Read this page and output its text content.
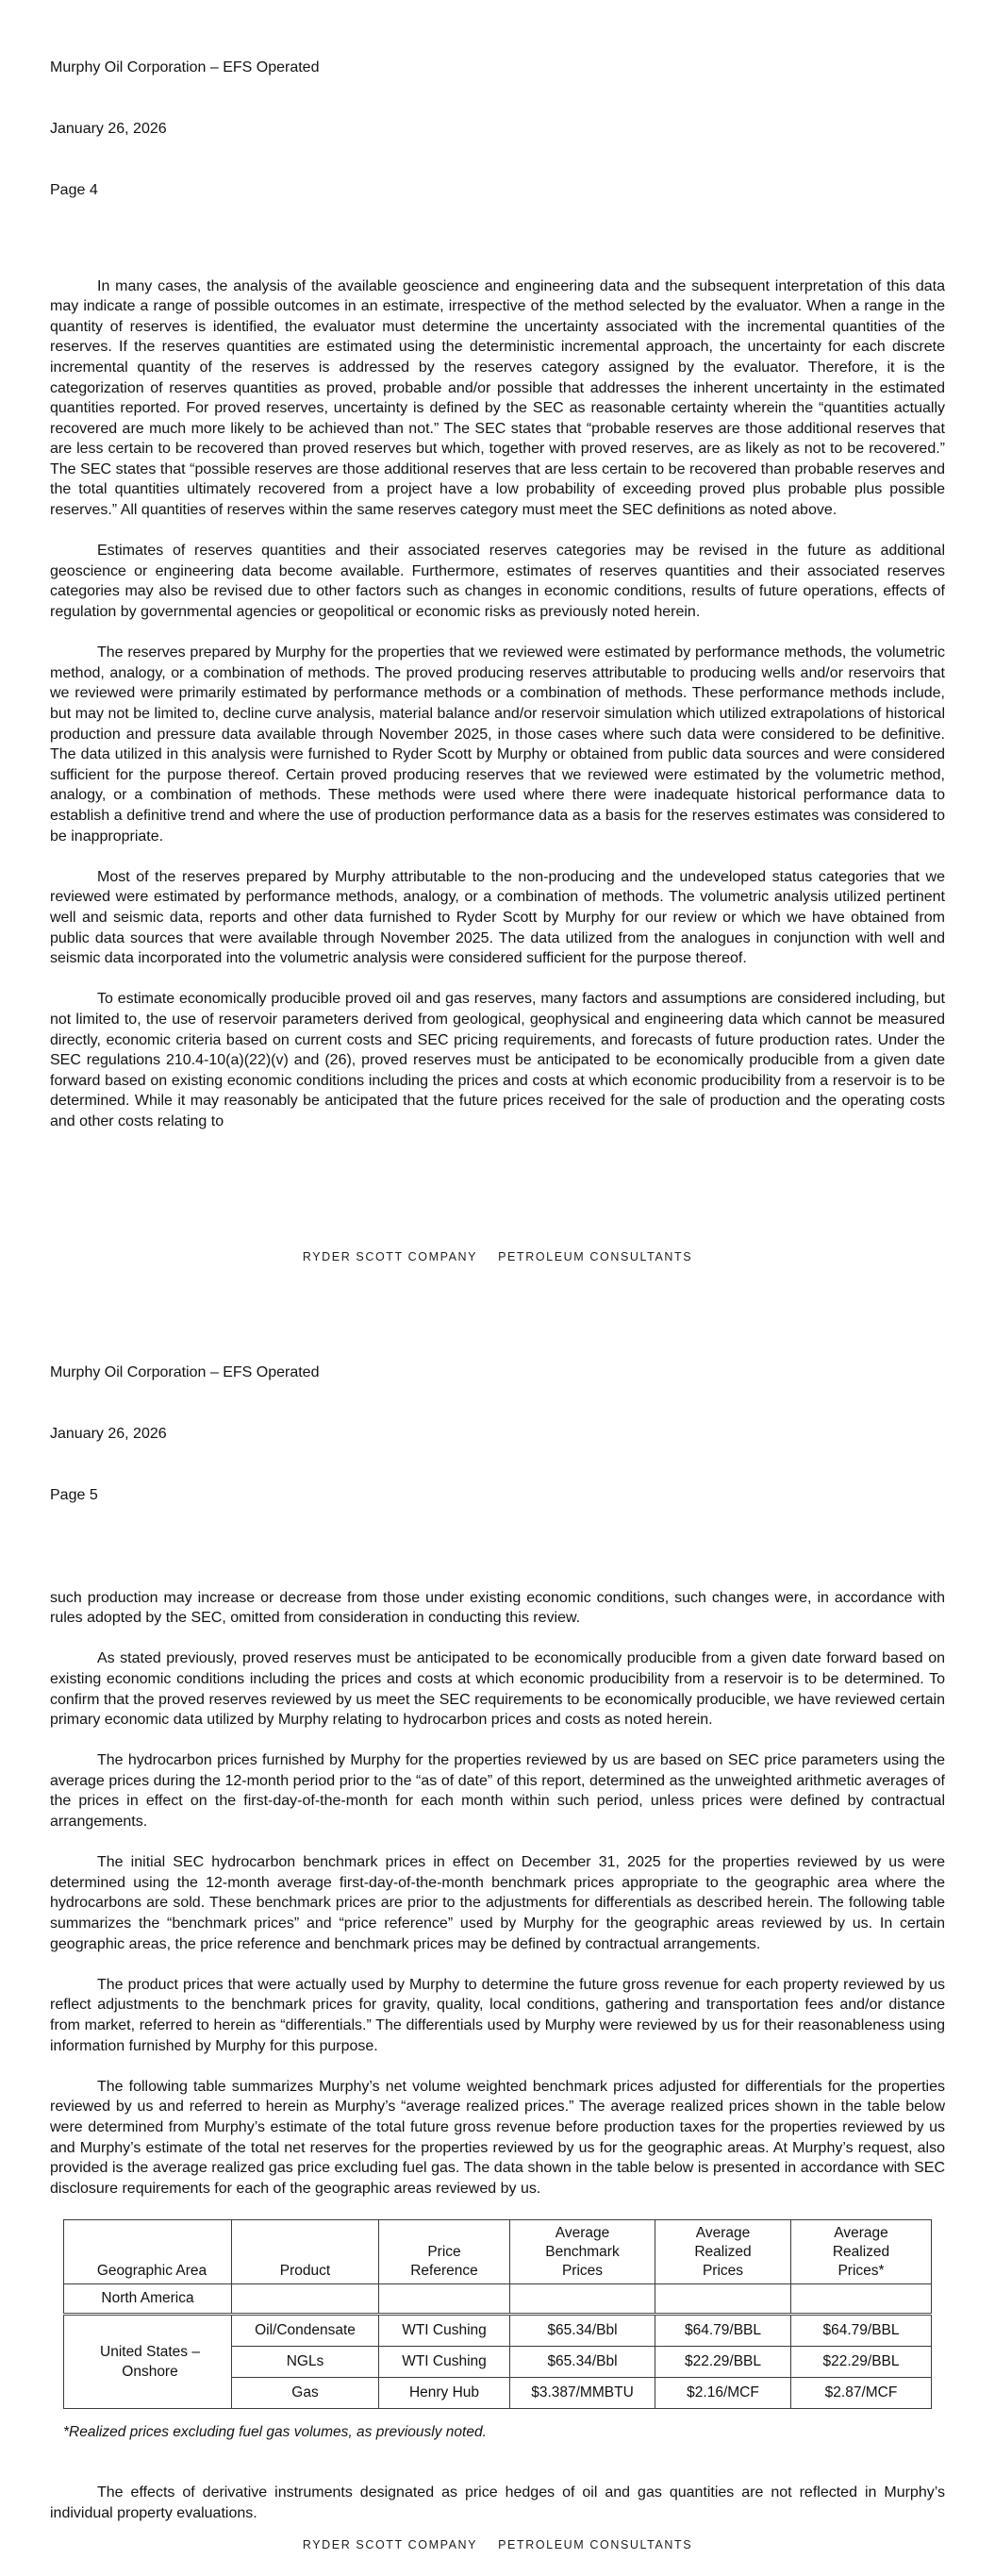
Murphy Oil Corporation – EFS Operated

January 26, 2026

Page 4

In many cases, the analysis of the available geoscience and engineering data and the subsequent interpretation of this data may indicate a range of possible outcomes in an estimate, irrespective of the method selected by the evaluator. When a range in the quantity of reserves is identified, the evaluator must determine the uncertainty associated with the incremental quantities of the reserves. If the reserves quantities are estimated using the deterministic incremental approach, the uncertainty for each discrete incremental quantity of the reserves is addressed by the reserves category assigned by the evaluator. Therefore, it is the categorization of reserves quantities as proved, probable and/or possible that addresses the inherent uncertainty in the estimated quantities reported. For proved reserves, uncertainty is defined by the SEC as reasonable certainty wherein the “quantities actually recovered are much more likely to be achieved than not.” The SEC states that “probable reserves are those additional reserves that are less certain to be recovered than proved reserves but which, together with proved reserves, are as likely as not to be recovered.” The SEC states that “possible reserves are those additional reserves that are less certain to be recovered than probable reserves and the total quantities ultimately recovered from a project have a low probability of exceeding proved plus probable plus possible reserves.” All quantities of reserves within the same reserves category must meet the SEC definitions as noted above.

Estimates of reserves quantities and their associated reserves categories may be revised in the future as additional geoscience or engineering data become available. Furthermore, estimates of reserves quantities and their associated reserves categories may also be revised due to other factors such as changes in economic conditions, results of future operations, effects of regulation by governmental agencies or geopolitical or economic risks as previously noted herein.

The reserves prepared by Murphy for the properties that we reviewed were estimated by performance methods, the volumetric method, analogy, or a combination of methods. The proved producing reserves attributable to producing wells and/or reservoirs that we reviewed were primarily estimated by performance methods or a combination of methods. These performance methods include, but may not be limited to, decline curve analysis, material balance and/or reservoir simulation which utilized extrapolations of historical production and pressure data available through November 2025, in those cases where such data were considered to be definitive. The data utilized in this analysis were furnished to Ryder Scott by Murphy or obtained from public data sources and were considered sufficient for the purpose thereof. Certain proved producing reserves that we reviewed were estimated by the volumetric method, analogy, or a combination of methods. These methods were used where there were inadequate historical performance data to establish a definitive trend and where the use of production performance data as a basis for the reserves estimates was considered to be inappropriate.

Most of the reserves prepared by Murphy attributable to the non-producing and the undeveloped status categories that we reviewed were estimated by performance methods, analogy, or a combination of methods. The volumetric analysis utilized pertinent well and seismic data, reports and other data furnished to Ryder Scott by Murphy for our review or which we have obtained from public data sources that were available through November 2025. The data utilized from the analogues in conjunction with well and seismic data incorporated into the volumetric analysis were considered sufficient for the purpose thereof.

To estimate economically producible proved oil and gas reserves, many factors and assumptions are considered including, but not limited to, the use of reservoir parameters derived from geological, geophysical and engineering data which cannot be measured directly, economic criteria based on current costs and SEC pricing requirements, and forecasts of future production rates. Under the SEC regulations 210.4-10(a)(22)(v) and (26), proved reserves must be anticipated to be economically producible from a given date forward based on existing economic conditions including the prices and costs at which economic producibility from a reservoir is to be determined. While it may reasonably be anticipated that the future prices received for the sale of production and the operating costs and other costs relating to

RYDER SCOTT COMPANY PETROLEUM CONSULTANTS

Murphy Oil Corporation – EFS Operated

January 26, 2026

Page 5

such production may increase or decrease from those under existing economic conditions, such changes were, in accordance with rules adopted by the SEC, omitted from consideration in conducting this review.

As stated previously, proved reserves must be anticipated to be economically producible from a given date forward based on existing economic conditions including the prices and costs at which economic producibility from a reservoir is to be determined. To confirm that the proved reserves reviewed by us meet the SEC requirements to be economically producible, we have reviewed certain primary economic data utilized by Murphy relating to hydrocarbon prices and costs as noted herein.

The hydrocarbon prices furnished by Murphy for the properties reviewed by us are based on SEC price parameters using the average prices during the 12-month period prior to the “as of date” of this report, determined as the unweighted arithmetic averages of the prices in effect on the first-day-of-the-month for each month within such period, unless prices were defined by contractual arrangements.

The initial SEC hydrocarbon benchmark prices in effect on December 31, 2025 for the properties reviewed by us were determined using the 12-month average first-day-of-the-month benchmark prices appropriate to the geographic area where the hydrocarbons are sold. These benchmark prices are prior to the adjustments for differentials as described herein. The following table summarizes the “benchmark prices” and “price reference” used by Murphy for the geographic areas reviewed by us. In certain geographic areas, the price reference and benchmark prices may be defined by contractual arrangements.

The product prices that were actually used by Murphy to determine the future gross revenue for each property reviewed by us reflect adjustments to the benchmark prices for gravity, quality, local conditions, gathering and transportation fees and/or distance from market, referred to herein as “differentials.” The differentials used by Murphy were reviewed by us for their reasonableness using information furnished by Murphy for this purpose.

The following table summarizes Murphy’s net volume weighted benchmark prices adjusted for differentials for the properties reviewed by us and referred to herein as Murphy’s “average realized prices.” The average realized prices shown in the table below were determined from Murphy’s estimate of the total future gross revenue before production taxes for the properties reviewed by us and Murphy’s estimate of the total net reserves for the properties reviewed by us for the geographic areas. At Murphy’s request, also provided is the average realized gas price excluding fuel gas. The data shown in the table below is presented in accordance with SEC disclosure requirements for each of the geographic areas reviewed by us.

Geographic Area	Product	Price Reference	Average Benchmark Prices	Average Realized Prices	Average Realized Prices*
North America					
United States – Onshore	Oil/Condensate	WTI Cushing	$65.34/Bbl	$64.79/BBL	$64.79/BBL
	NGLs	WTI Cushing	$65.34/Bbl	$22.29/BBL	$22.29/BBL
	Gas	Henry Hub	$3.387/MMBTU	$2.16/MCF	$2.87/MCF
*Realized prices excluding fuel gas volumes, as previously noted.

The effects of derivative instruments designated as price hedges of oil and gas quantities are not reflected in Murphy’s individual property evaluations.

RYDER SCOTT COMPANY PETROLEUM CONSULTANTS
